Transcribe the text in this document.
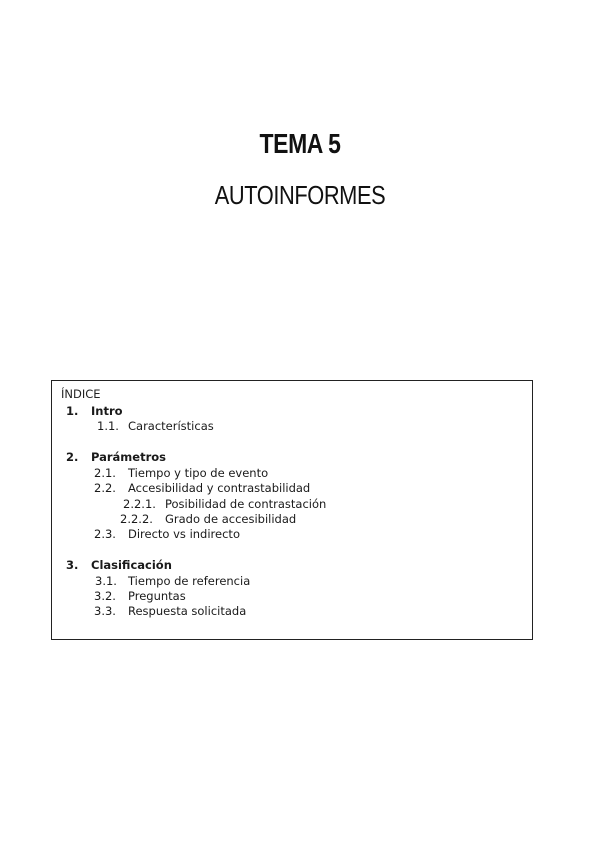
TEMA 5
AUTOINFORMES
ÍNDICE
1. Intro
1.1. Características
2. Parámetros
2.1. Tiempo y tipo de evento
2.2. Accesibilidad y contrastabilidad
2.2.1. Posibilidad de contrastación
2.2.2. Grado de accesibilidad
2.3. Directo vs indirecto
3. Clasificación
3.1. Tiempo de referencia
3.2. Preguntas
3.3. Respuesta solicitada
